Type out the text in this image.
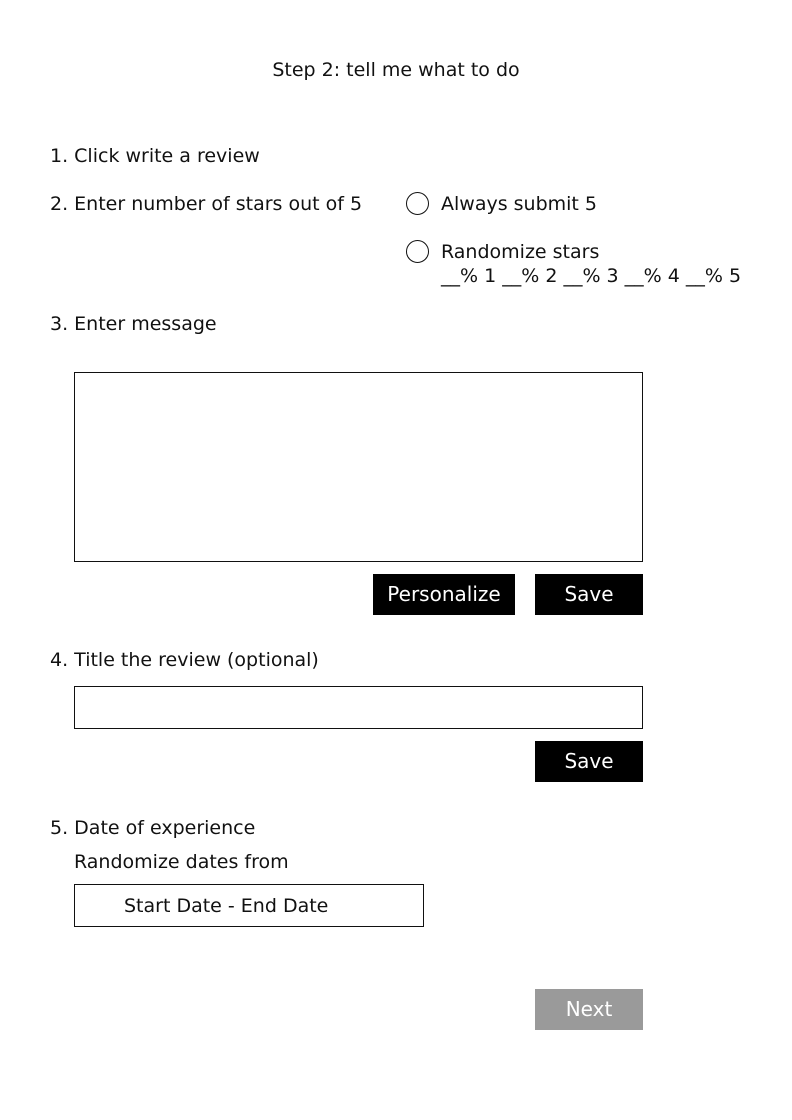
Step 2: tell me what to do
1. Click write a review
2. Enter number of stars out of 5	Always submit 5
Randomize stars
__% 1 __% 2 __% 3 __% 4 __% 5
3. Enter message
Personalize	Save
4. Title the review (optional)
Save
5. Date of experience
Randomize dates from
Start Date - End Date
Next
